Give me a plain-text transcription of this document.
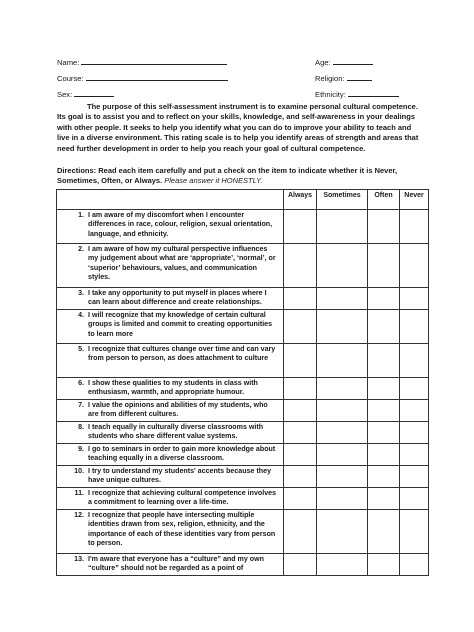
Name:	Age:
Course:	Religion:
Sex:	Ethnicity:
The purpose of this self-assessment instrument is to examine personal cultural competence. Its goal is to assist you and to reflect on your skills, knowledge, and self-awareness in your dealings with other people. It seeks to help you identify what you can do to improve your ability to teach and live in a diverse environment. This rating scale is to help you identify areas of strength and areas that need further development in order to help you reach your goal of cultural competence.
Directions: Read each item carefully and put a check on the item to indicate whether it is Never, Sometimes, Often, or Always. Please answer it HONESTLY.
	Always	Sometimes	Often	Never

1. I am aware of my discomfort when I encounter differences in race, colour, religion, sexual orientation, language, and ethnicity.				

2. I am aware of how my cultural perspective influences my judgement about what are ‘appropriate’, ‘normal’, or ‘superior’ behaviours, values, and communication styles.				

3. I take any opportunity to put myself in places where I can learn about difference and create relationships.				

4. I will recognize that my knowledge of certain cultural groups is limited and commit to creating opportunities to learn more				

5. I recognize that cultures change over time and can vary from person to person, as does attachment to culture				

6. I show these qualities to my students in class with enthusiasm, warmth, and appropriate humour.				

7. I value the opinions and abilities of my students, who are from different cultures.				

8. I teach equally in culturally diverse classrooms with students who share different value systems.				

9. I go to seminars in order to gain more knowledge about teaching equally in a diverse classroom.				

10. I try to understand my students' accents because they have unique cultures.				

11. I recognize that achieving cultural competence involves a commitment to learning over a life-time.				

12. I recognize that people have intersecting multiple identities drawn from sex, religion, ethnicity, and the importance of each of these identities vary from person to person.				

13. I'm aware that everyone has a “culture” and my own “culture” should not be regarded as a point of				
